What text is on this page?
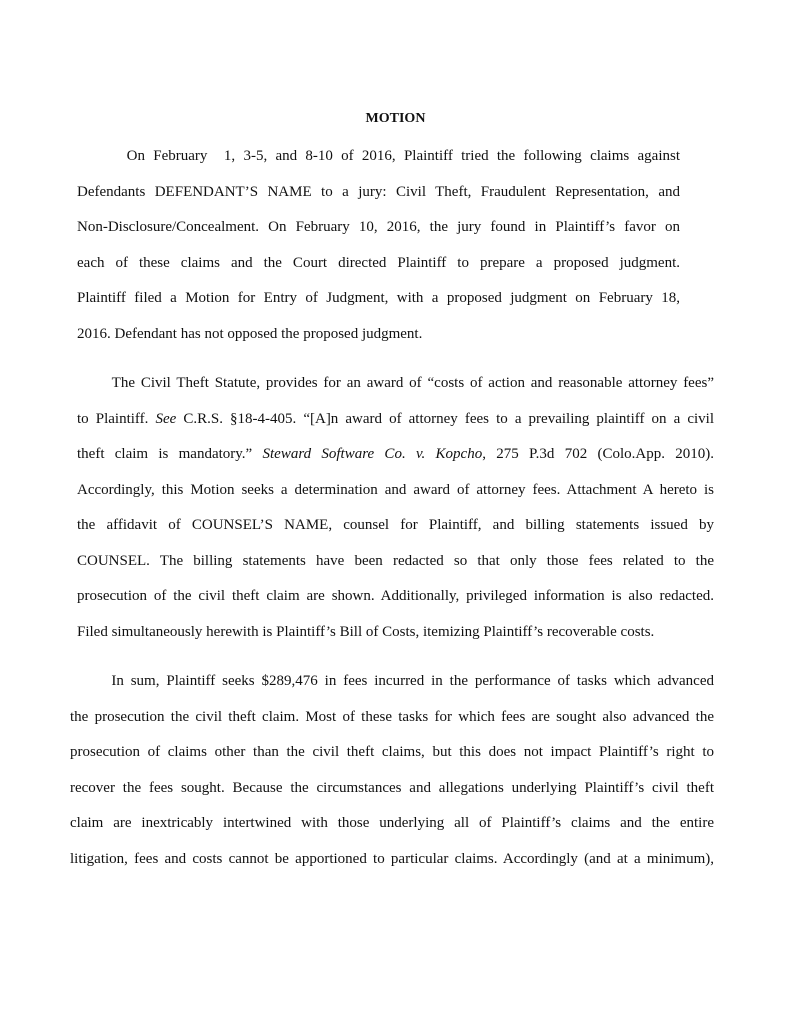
MOTION
On February  1, 3-5, and 8-10 of 2016, Plaintiff tried the following claims against
Defendants DEFENDANT’S NAME to a jury: Civil Theft, Fraudulent Representation, and
Non-Disclosure/Concealment. On February 10, 2016, the jury found in Plaintiff’s favor on
each of these claims and the Court directed Plaintiff to prepare a proposed judgment.
Plaintiff filed a Motion for Entry of Judgment, with a proposed judgment on February 18,
2016. Defendant has not opposed the proposed judgment.
The Civil Theft Statute, provides for an award of “costs of action and reasonable attorney fees”
to Plaintiff. See C.R.S. §18-4-405. “[A]n award of attorney fees to a prevailing plaintiff on a civil
theft claim is mandatory.” Steward Software Co. v. Kopcho, 275 P.3d 702 (Colo.App. 2010).
Accordingly, this Motion seeks a determination and award of attorney fees. Attachment A hereto is
the affidavit of COUNSEL’S NAME, counsel for Plaintiff, and billing statements issued by
COUNSEL. The billing statements have been redacted so that only those fees related to the
prosecution of the civil theft claim are shown. Additionally, privileged information is also redacted.
Filed simultaneously herewith is Plaintiff’s Bill of Costs, itemizing Plaintiff’s recoverable costs.
In sum, Plaintiff seeks $289,476 in fees incurred in the performance of tasks which advanced
the prosecution the civil theft claim. Most of these tasks for which fees are sought also advanced the
prosecution of claims other than the civil theft claims, but this does not impact Plaintiff’s right to
recover the fees sought. Because the circumstances and allegations underlying Plaintiff’s civil theft
claim are inextricably intertwined with those underlying all of Plaintiff’s claims and the entire
litigation, fees and costs cannot be apportioned to particular claims. Accordingly (and at a minimum),
